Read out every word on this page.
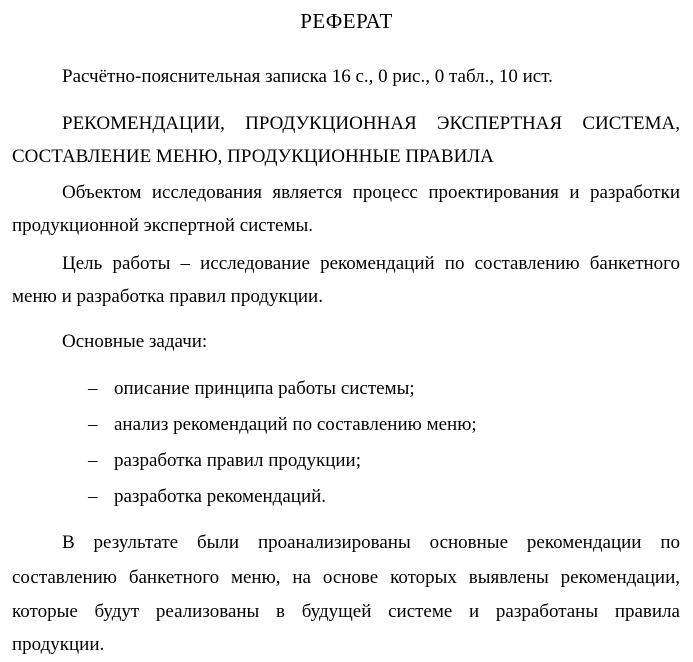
РЕФЕРАТ
Расчётно-пояснительная записка 16 с., 0 рис., 0 табл., 10 ист.
РЕКОМЕНДАЦИИ, ПРОДУКЦИОННАЯ ЭКСПЕРТНАЯ СИСТЕМА,
СОСТАВЛЕНИЕ МЕНЮ, ПРОДУКЦИОННЫЕ ПРАВИЛА
Объектом исследования является процесс проектирования и разработки
продукционной экспертной системы.
Цель работы – исследование рекомендаций по составлению банкетного
меню и разработка правил продукции.
Основные задачи:
– описание принципа работы системы;
– анализ рекомендаций по составлению меню;
– разработка правил продукции;
– разработка рекомендаций.
В результате были проанализированы основные рекомендации по
составлению банкетного меню, на основе которых выявлены рекомендации,
которые будут реализованы в будущей системе и разработаны правила
продукции.
